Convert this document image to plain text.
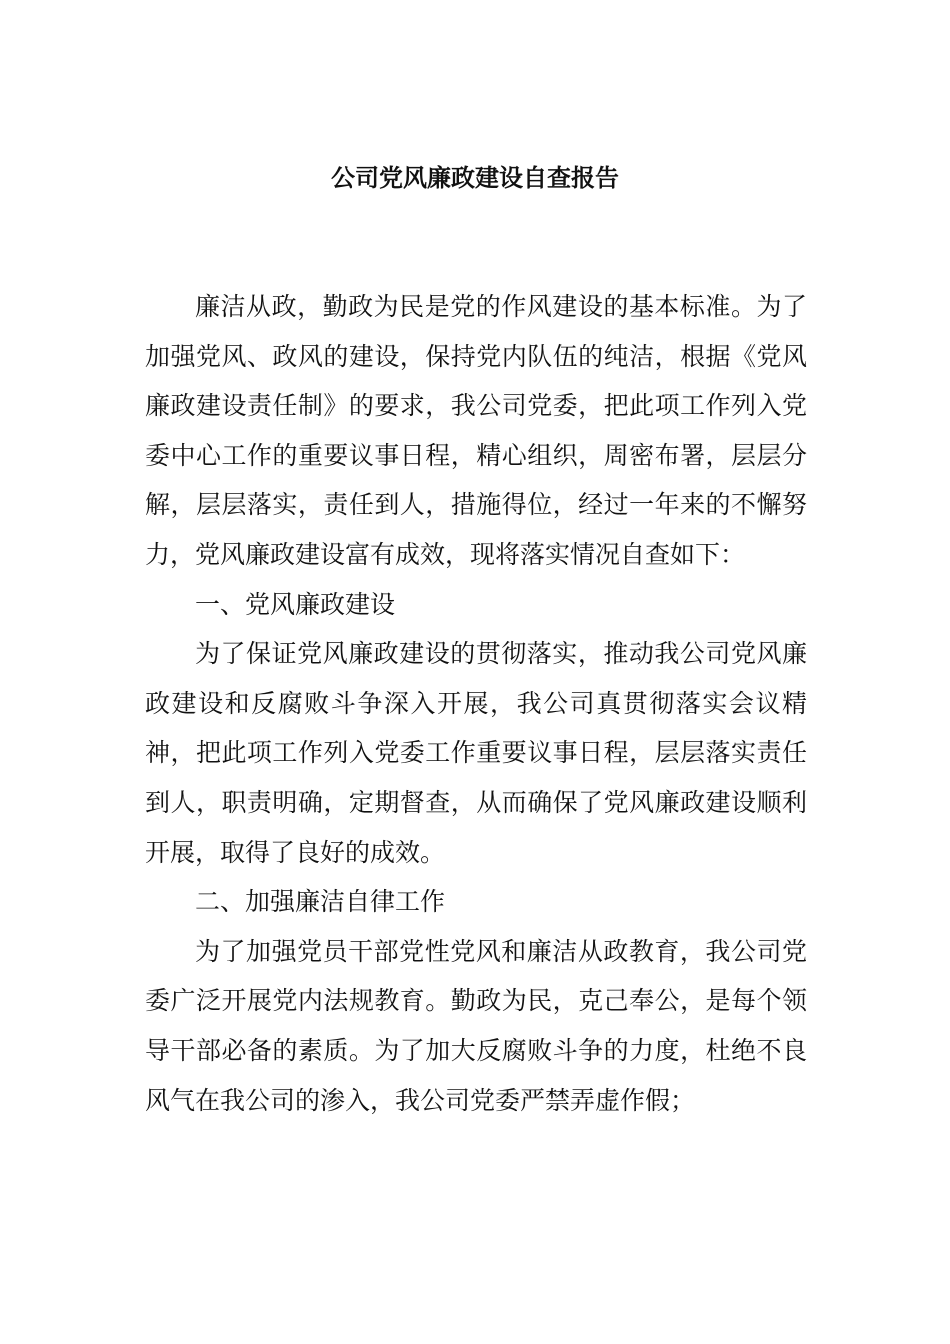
公司党风廉政建设自查报告

廉洁从政，勤政为民是党的作风建设的基本标准。为了加强党风、政风的建设，保持党内队伍的纯洁，根据《党风廉政建设责任制》的要求，我公司党委，把此项工作列入党委中心工作的重要议事日程，精心组织，周密布署，层层分解，层层落实，责任到人，措施得位，经过一年来的不懈努力，党风廉政建设富有成效，现将落实情况自查如下：

一、党风廉政建设

为了保证党风廉政建设的贯彻落实，推动我公司党风廉政建设和反腐败斗争深入开展，我公司真贯彻落实会议精神，把此项工作列入党委工作重要议事日程，层层落实责任到人，职责明确，定期督查，从而确保了党风廉政建设顺利开展，取得了良好的成效。

二、加强廉洁自律工作

为了加强党员干部党性党风和廉洁从政教育，我公司党委广泛开展党内法规教育。勤政为民，克己奉公，是每个领导干部必备的素质。为了加大反腐败斗争的力度，杜绝不良风气在我公司的渗入，我公司党委严禁弄虚作假；
